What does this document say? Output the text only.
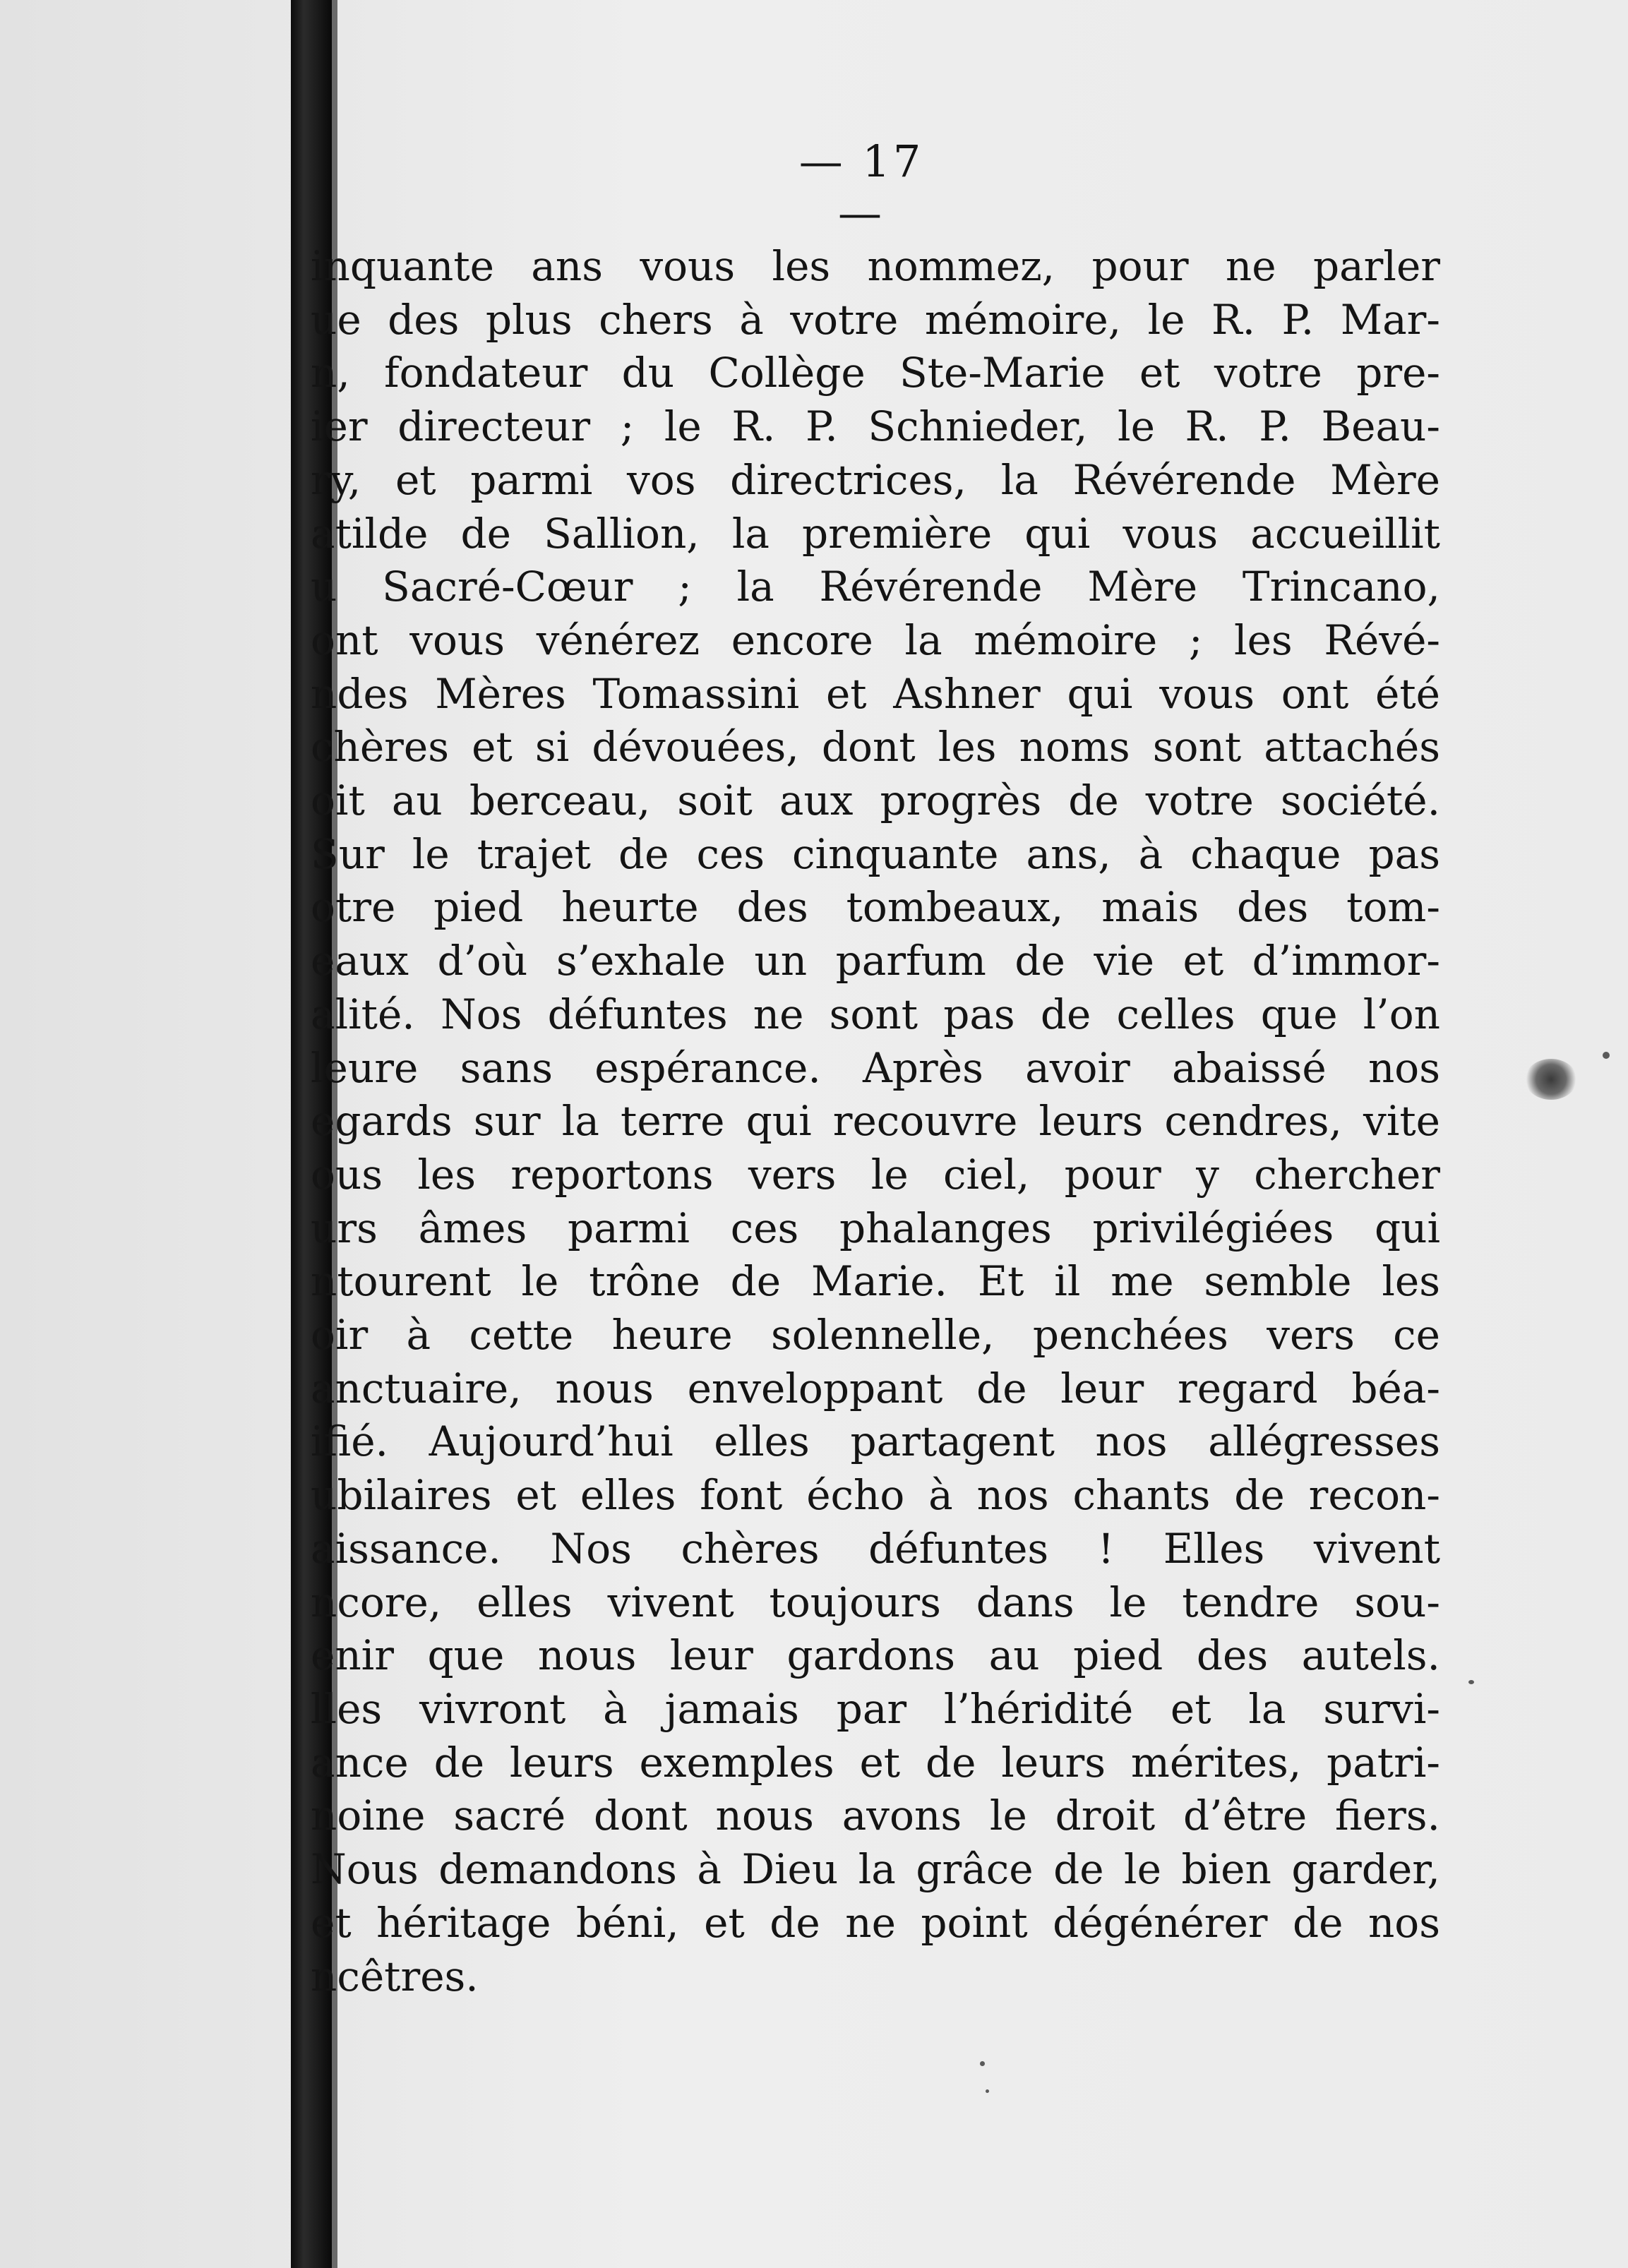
— 17 —
inquante ans vous les nommez, pour ne parler
ue des plus chers à votre mémoire, le R. P. Mar-
n, fondateur du Collège Ste-Marie et votre pre-
ier directeur ; le R. P. Schnieder, le R. P. Beau-
ry, et parmi vos directrices, la Révérende Mère
atilde de Sallion, la première qui vous accueillit
u Sacré-Cœur ; la Révérende Mère Trincano,
ont vous vénérez encore la mémoire ; les Révé-
ndes Mères Tomassini et Ashner qui vous ont été
chères et si dévouées, dont les noms sont attachés
oit au berceau, soit aux progrès de votre société.
Sur le trajet de ces cinquante ans, à chaque pas
otre pied heurte des tombeaux, mais des tom-
eaux d’où s’exhale un parfum de vie et d’immor-
alité. Nos défuntes ne sont pas de celles que l’on
leure sans espérance. Après avoir abaissé nos
egards sur la terre qui recouvre leurs cendres, vite
ous les reportons vers le ciel, pour y chercher
urs âmes parmi ces phalanges privilégiées qui
ntourent le trône de Marie. Et il me semble les
oir à cette heure solennelle, penchées vers ce
anctuaire, nous enveloppant de leur regard béa-
ifié. Aujourd’hui elles partagent nos allégresses
ubilaires et elles font écho à nos chants de recon-
aissance. Nos chères défuntes ! Elles vivent
ncore, elles vivent toujours dans le tendre sou-
enir que nous leur gardons au pied des autels.
lles vivront à jamais par l’héridité et la survi-
ance de leurs exemples et de leurs mérites, patri-
noine sacré dont nous avons le droit d’être fiers.
Nous demandons à Dieu la grâce de le bien garder,
et héritage béni, et de ne point dégénérer de nos
ncêtres.
